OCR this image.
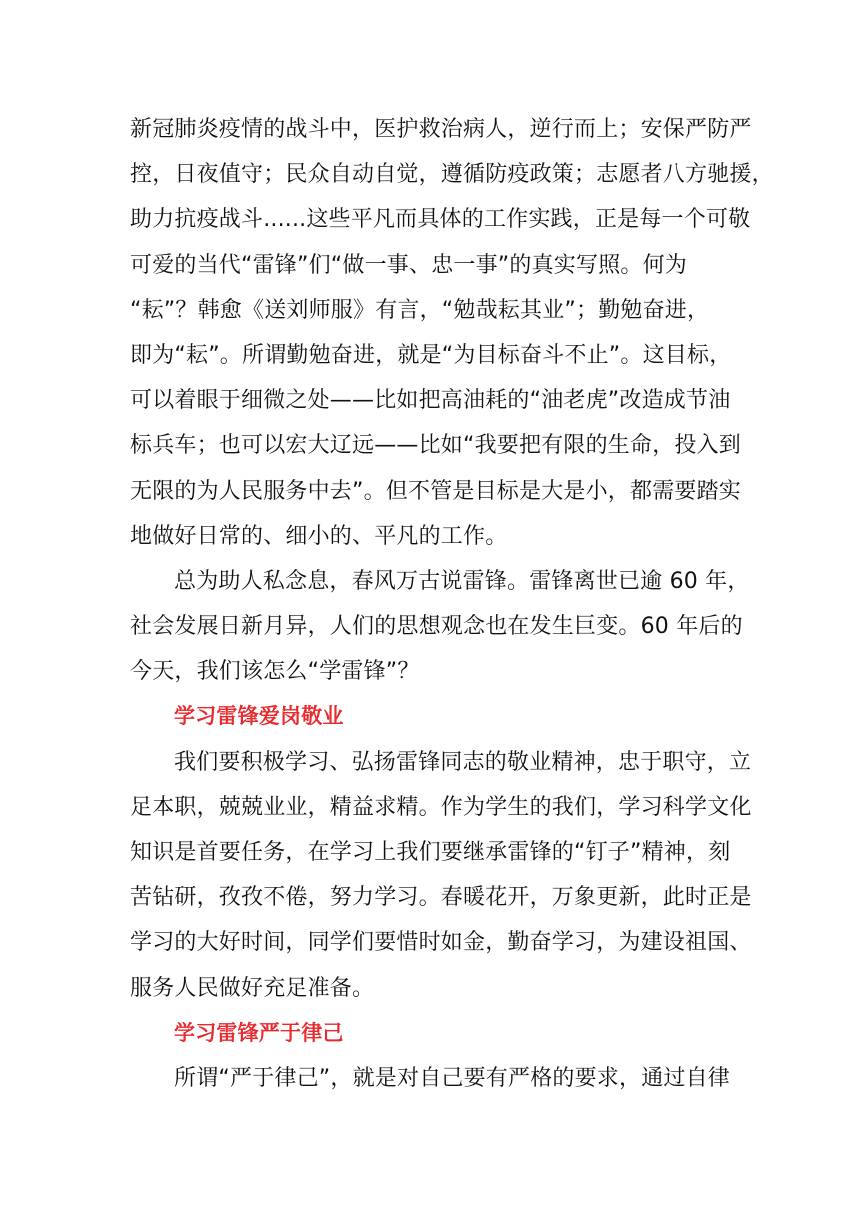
新冠肺炎疫情的战斗中，医护救治病人，逆行而上；安保严防严
控，日夜值守；民众自动自觉，遵循防疫政策；志愿者八方驰援，
助力抗疫战斗......这些平凡而具体的工作实践，正是每一个可敬
可爱的当代“雷锋”们“做一事、忠一事”的真实写照。何为
“耘”？韩愈《送刘师服》有言，“勉哉耘其业”；勤勉奋进，
即为“耘”。所谓勤勉奋进，就是“为目标奋斗不止”。这目标，
可以着眼于细微之处——比如把高油耗的“油老虎”改造成节油
标兵车；也可以宏大辽远——比如“我要把有限的生命，投入到
无限的为人民服务中去”。但不管是目标是大是小，都需要踏实
地做好日常的、细小的、平凡的工作。
总为助人私念息，春风万古说雷锋。雷锋离世已逾 60 年，
社会发展日新月异，人们的思想观念也在发生巨变。60 年后的
今天，我们该怎么“学雷锋”？
学习雷锋爱岗敬业
我们要积极学习、弘扬雷锋同志的敬业精神，忠于职守，立
足本职，兢兢业业，精益求精。作为学生的我们，学习科学文化
知识是首要任务，在学习上我们要继承雷锋的“钉子”精神，刻
苦钻研，孜孜不倦，努力学习。春暖花开，万象更新，此时正是
学习的大好时间，同学们要惜时如金，勤奋学习，为建设祖国、
服务人民做好充足准备。
学习雷锋严于律己
所谓“严于律己”，就是对自己要有严格的要求，通过自律
